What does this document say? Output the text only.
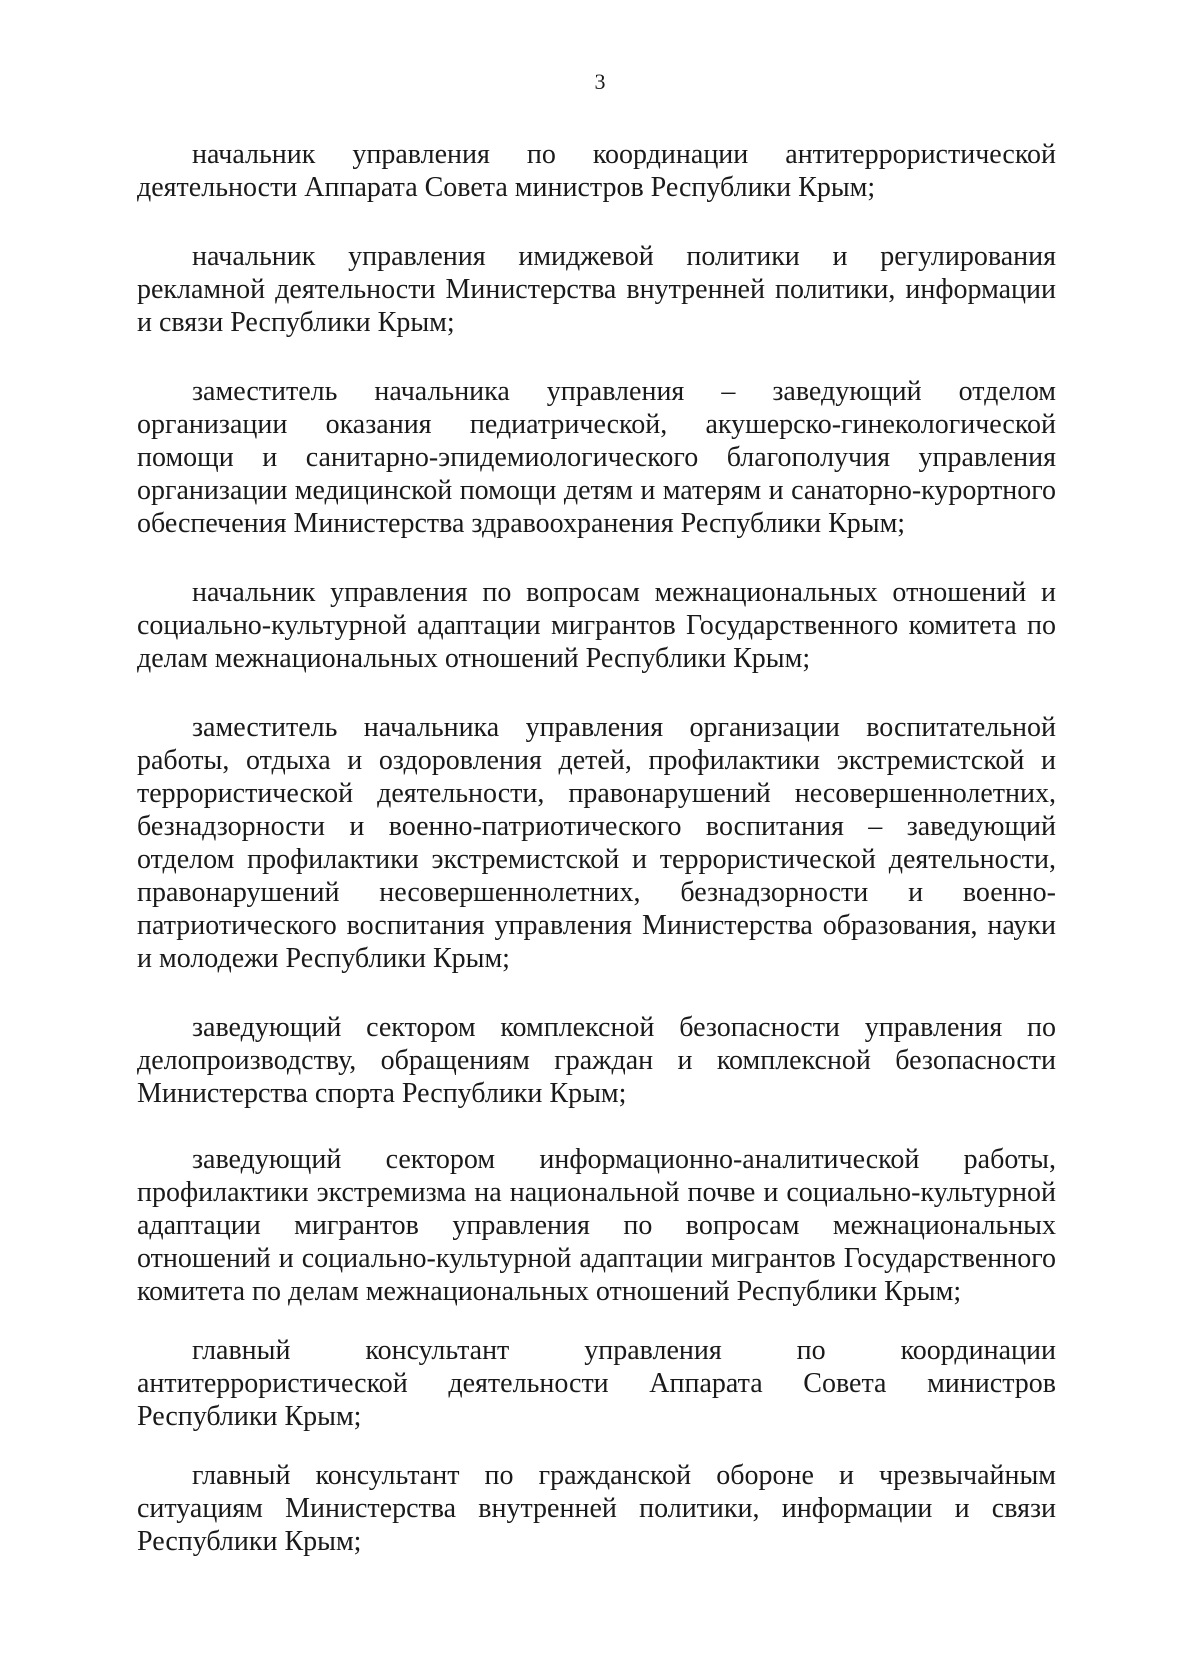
3

начальник управления по координации антитеррористической деятельности Аппарата Совета министров Республики Крым;

начальник управления имиджевой политики и регулирования рекламной деятельности Министерства внутренней политики, информации и связи Республики Крым;

заместитель начальника управления – заведующий отделом организации оказания педиатрической, акушерско-гинекологической помощи и санитарно-эпидемиологического благополучия управления организации медицинской помощи детям и матерям и санаторно-курортного обеспечения Министерства здравоохранения Республики Крым;

начальник управления по вопросам межнациональных отношений и социально-культурной адаптации мигрантов Государственного комитета по делам межнациональных отношений Республики Крым;

заместитель начальника управления организации воспитательной работы, отдыха и оздоровления детей, профилактики экстремистской и террористической деятельности, правонарушений несовершеннолетних, безнадзорности и военно-патриотического воспитания – заведующий отделом профилактики экстремистской и террористической деятельности, правонарушений несовершеннолетних, безнадзорности и военно-патриотического воспитания управления Министерства образования, науки и молодежи Республики Крым;

заведующий сектором комплексной безопасности управления по делопроизводству, обращениям граждан и комплексной безопасности Министерства спорта Республики Крым;

заведующий сектором информационно-аналитической работы, профилактики экстремизма на национальной почве и социально-культурной адаптации мигрантов управления по вопросам межнациональных отношений и социально-культурной адаптации мигрантов Государственного комитета по делам межнациональных отношений Республики Крым;

главный консультант управления по координации антитеррористической деятельности Аппарата Совета министров Республики Крым;

главный консультант по гражданской обороне и чрезвычайным ситуациям Министерства внутренней политики, информации и связи Республики Крым;
